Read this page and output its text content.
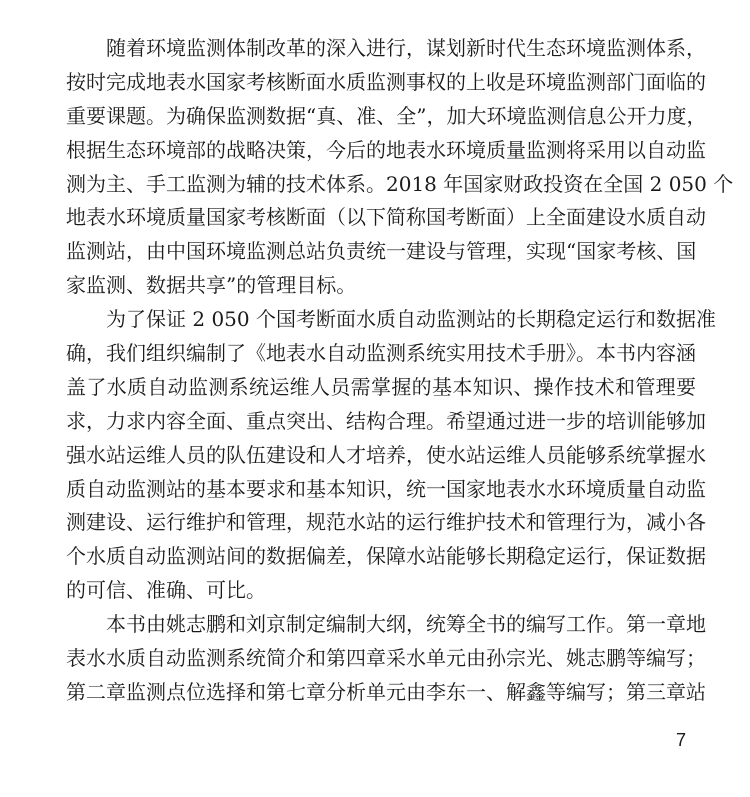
随着环境监测体制改革的深入进行，谋划新时代生态环境监测体系，
按时完成地表水国家考核断面水质监测事权的上收是环境监测部门面临的
重要课题。为确保监测数据“真、准、全”，加大环境监测信息公开力度，
根据生态环境部的战略决策，今后的地表水环境质量监测将采用以自动监
测为主、手工监测为辅的技术体系。2018 年国家财政投资在全国 2 050 个
地表水环境质量国家考核断面（以下简称国考断面）上全面建设水质自动
监测站，由中国环境监测总站负责统一建设与管理，实现“国家考核、国
家监测、数据共享”的管理目标。
为了保证 2 050 个国考断面水质自动监测站的长期稳定运行和数据准
确，我们组织编制了《地表水自动监测系统实用技术手册》。本书内容涵
盖了水质自动监测系统运维人员需掌握的基本知识、操作技术和管理要
求，力求内容全面、重点突出、结构合理。希望通过进一步的培训能够加
强水站运维人员的队伍建设和人才培养，使水站运维人员能够系统掌握水
质自动监测站的基本要求和基本知识，统一国家地表水水环境质量自动监
测建设、运行维护和管理，规范水站的运行维护技术和管理行为，减小各
个水质自动监测站间的数据偏差，保障水站能够长期稳定运行，保证数据
的可信、准确、可比。
本书由姚志鹏和刘京制定编制大纲，统筹全书的编写工作。第一章地
表水水质自动监测系统简介和第四章采水单元由孙宗光、姚志鹏等编写；
第二章监测点位选择和第七章分析单元由李东一、解鑫等编写；第三章站
7
